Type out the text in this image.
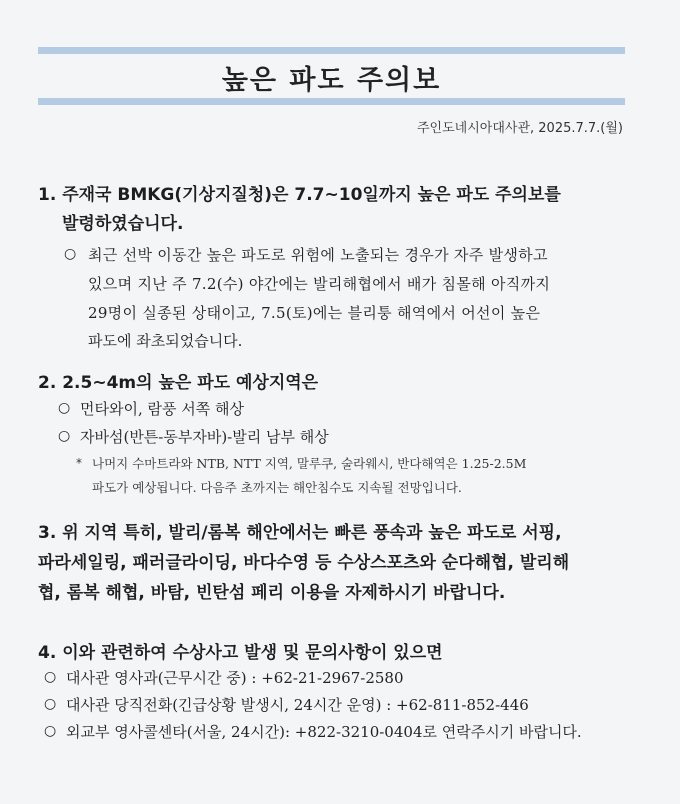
높은 파도 주의보
주인도네시아대사관, 2025.7.7.(월)
1. 주재국 BMKG(기상지질청)은 7.7~10일까지 높은 파도 주의보를
발령하였습니다.
○ 최근 선박 이동간 높은 파도로 위험에 노출되는 경우가 자주 발생하고
있으며 지난 주 7.2(수) 야간에는 발리해협에서 배가 침몰해 아직까지
29명이 실종된 상태이고, 7.5(토)에는 블리퉁 해역에서 어선이 높은
파도에 좌초되었습니다.
2. 2.5~4m의 높은 파도 예상지역은
○ 먼타와이, 람풍 서쪽 해상
○ 자바섬(반튼-동부자바)-발리 남부 해상
* 나머지 수마트라와 NTB, NTT 지역, 말루쿠, 술라웨시, 반다해역은 1.25-2.5M
파도가 예상됩니다. 다음주 초까지는 해안침수도 지속될 전망입니다.
3. 위 지역 특히, 발리/롬복 해안에서는 빠른 풍속과 높은 파도로 서핑,
파라세일링, 패러글라이딩, 바다수영 등 수상스포츠와 순다해협, 발리해
협, 롬복 해협, 바탐, 빈탄섬 페리 이용을 자제하시기 바랍니다.
4. 이와 관련하여 수상사고 발생 및 문의사항이 있으면
○ 대사관 영사과(근무시간 중) : +62-21-2967-2580
○ 대사관 당직전화(긴급상황 발생시, 24시간 운영) : +62-811-852-446
○ 외교부 영사콜센타(서울, 24시간): +822-3210-0404로 연락주시기 바랍니다.
